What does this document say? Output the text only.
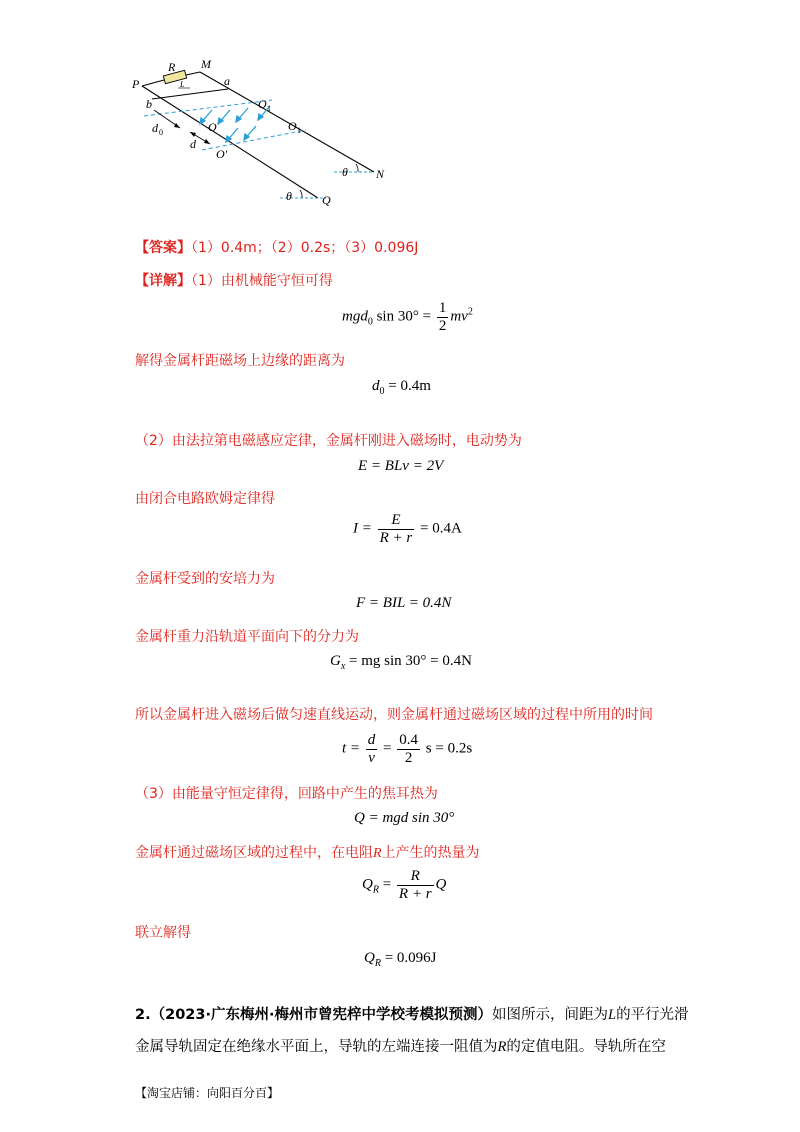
P
R M
L	a
b	O 1
O 1
O
O'
d 0
d
θ N
θ	Q
【答案】（1）0.4m；（2）0.2s；（3）0.096J
【详解】（1）由机械能守恒可得
mgd$_0$ $\sin 30^\circ = \frac{1}{2} mv^2$
解得金属杆距磁场上边缘的距离为
$d_0 = 0.4m$
（2）由法拉第电磁感应定律，金属杆刚进入磁场时，电动势为
E = BLv = 2V
由闭合电路欧姆定律得
$I = \frac{E}{R + r} = 0.4A$
金属杆受到的安培力为
F = BIL = 0.4N
金属杆重力沿轨道平面向下的分力为
$G_x$ = mg sin 30° = 0.4N
所以金属杆进入磁场后做匀速直线运动，则金属杆通过磁场区域的过程中所用的时间
$t = \frac{d}{v} = \frac{0.4}{2}$ s = 0.2s
（3）由能量守恒定律得，回路中产生的焦耳热为
Q = mgd sin 30°
金属杆通过磁场区域的过程中，在电阻R上产生的热量为
$Q_R = \frac{R}{R + r}$ Q
联立解得
$Q_R = 0.096J$
2.（2023·广东梅州·梅州市曾宪梓中学校考模拟预测）如图所示，间距为L的平行光滑
金属导轨固定在绝缘水平面上，导轨的左端连接一阻值为R的定值电阻。导轨所在空
【淘宝店铺：向阳百分百】
